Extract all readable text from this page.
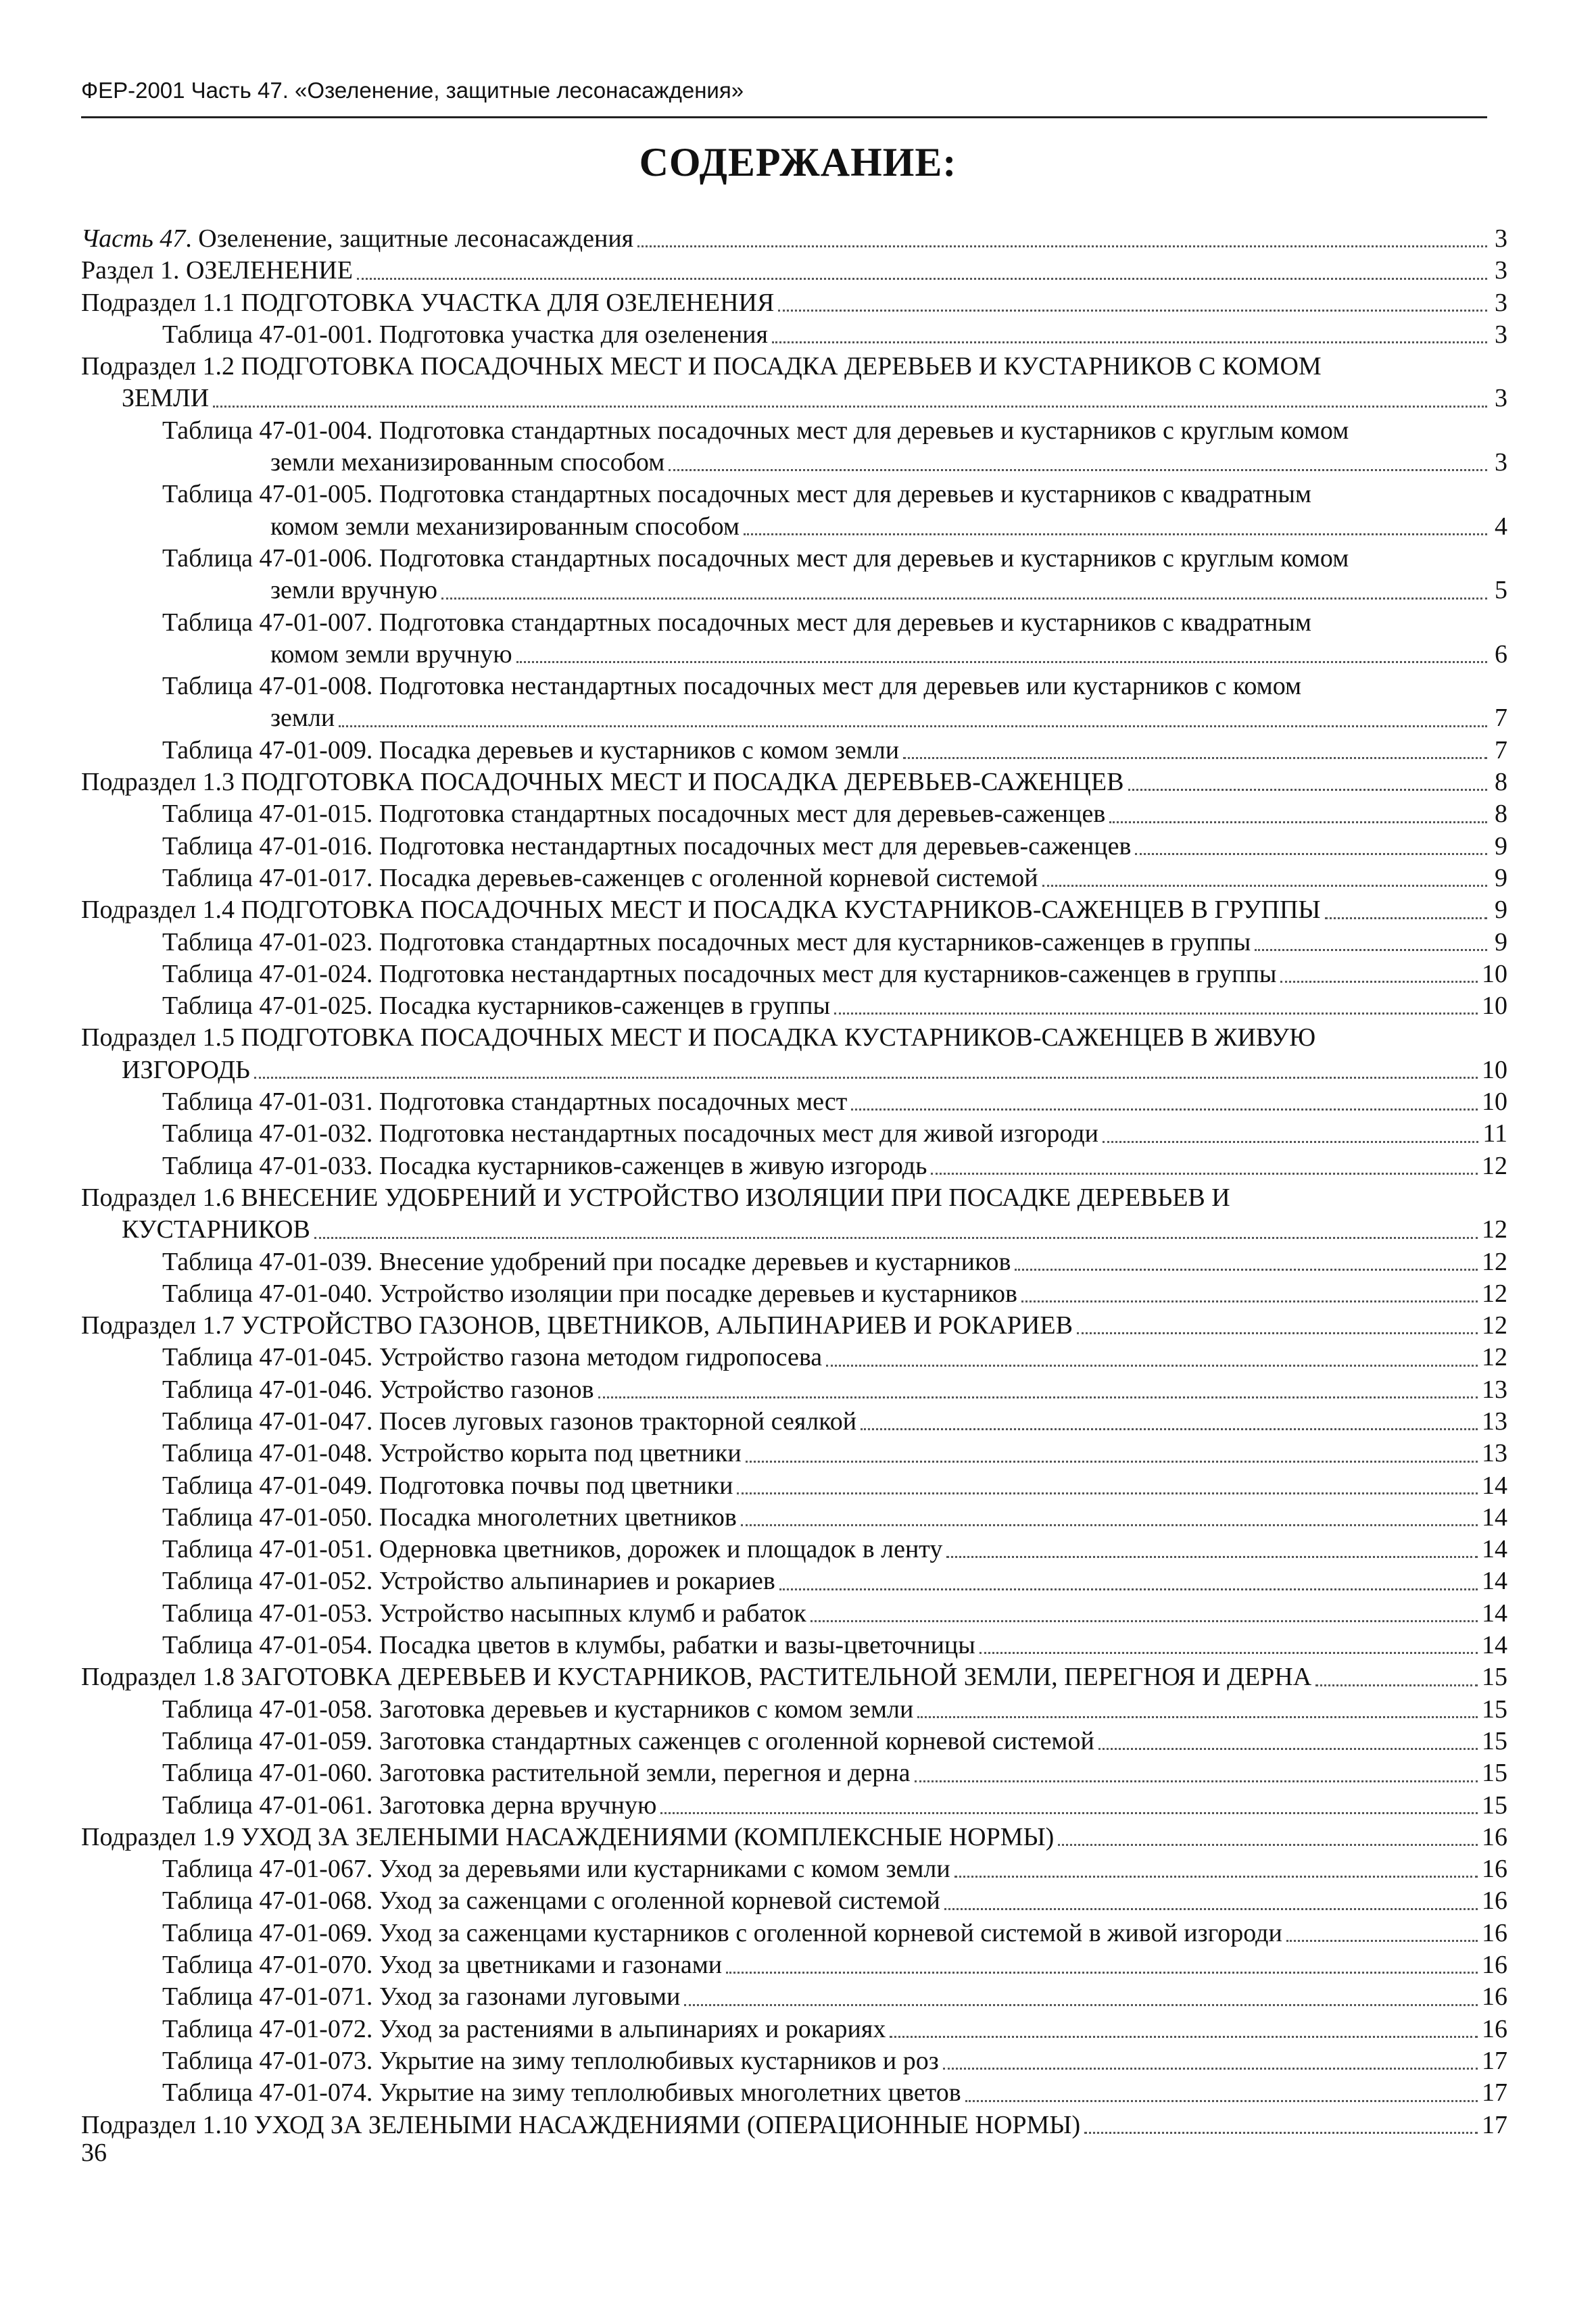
ФЕР-2001 Часть 47. «Озеленение, защитные лесонасаждения»
СОДЕРЖАНИЕ:
Часть 47. Озеленение, защитные лесонасаждения	3
Раздел 1. ОЗЕЛЕНЕНИЕ	3
Подраздел 1.1 ПОДГОТОВКА УЧАСТКА ДЛЯ ОЗЕЛЕНЕНИЯ	3
Таблица 47-01-001. Подготовка участка для озеленения	3
Подраздел 1.2 ПОДГОТОВКА ПОСАДОЧНЫХ МЕСТ И ПОСАДКА ДЕРЕВЬЕВ И КУСТАРНИКОВ С КОМОМ
ЗЕМЛИ	3
Таблица 47-01-004. Подготовка стандартных посадочных мест для деревьев и кустарников с круглым комом
земли механизированным способом	3
Таблица 47-01-005. Подготовка стандартных посадочных мест для деревьев и кустарников с квадратным
комом земли механизированным способом	4
Таблица 47-01-006. Подготовка стандартных посадочных мест для деревьев и кустарников с круглым комом
земли вручную	5
Таблица 47-01-007. Подготовка стандартных посадочных мест для деревьев и кустарников с квадратным
комом земли вручную	6
Таблица 47-01-008. Подготовка нестандартных посадочных мест для деревьев или кустарников с комом
земли	7
Таблица 47-01-009. Посадка деревьев и кустарников с комом земли	7
Подраздел 1.3 ПОДГОТОВКА ПОСАДОЧНЫХ МЕСТ И ПОСАДКА ДЕРЕВЬЕВ-САЖЕНЦЕВ	8
Таблица 47-01-015. Подготовка стандартных посадочных мест для деревьев-саженцев	8
Таблица 47-01-016. Подготовка нестандартных посадочных мест для деревьев-саженцев	9
Таблица 47-01-017. Посадка деревьев-саженцев с оголенной корневой системой	9
Подраздел 1.4 ПОДГОТОВКА ПОСАДОЧНЫХ МЕСТ И ПОСАДКА КУСТАРНИКОВ-САЖЕНЦЕВ В ГРУППЫ	9
Таблица 47-01-023. Подготовка стандартных посадочных мест для кустарников-саженцев в группы	9
Таблица 47-01-024. Подготовка нестандартных посадочных мест для кустарников-саженцев в группы	10
Таблица 47-01-025. Посадка кустарников-саженцев в группы	10
Подраздел 1.5 ПОДГОТОВКА ПОСАДОЧНЫХ МЕСТ И ПОСАДКА КУСТАРНИКОВ-САЖЕНЦЕВ В ЖИВУЮ
ИЗГОРОДЬ	10
Таблица 47-01-031. Подготовка стандартных посадочных мест	10
Таблица 47-01-032. Подготовка нестандартных посадочных мест для живой изгороди	11
Таблица 47-01-033. Посадка кустарников-саженцев в живую изгородь	12
Подраздел 1.6 ВНЕСЕНИЕ УДОБРЕНИЙ И УСТРОЙСТВО ИЗОЛЯЦИИ ПРИ ПОСАДКЕ ДЕРЕВЬЕВ И
КУСТАРНИКОВ	12
Таблица 47-01-039. Внесение удобрений при посадке деревьев и кустарников	12
Таблица 47-01-040. Устройство изоляции при посадке деревьев и кустарников	12
Подраздел 1.7 УСТРОЙСТВО ГАЗОНОВ, ЦВЕТНИКОВ, АЛЬПИНАРИЕВ И РОКАРИЕВ	12
Таблица 47-01-045. Устройство газона методом гидропосева	12
Таблица 47-01-046. Устройство газонов	13
Таблица 47-01-047. Посев луговых газонов тракторной сеялкой	13
Таблица 47-01-048. Устройство корыта под цветники	13
Таблица 47-01-049. Подготовка почвы под цветники	14
Таблица 47-01-050. Посадка многолетних цветников	14
Таблица 47-01-051. Одерновка цветников, дорожек и площадок в ленту	14
Таблица 47-01-052. Устройство альпинариев и рокариев	14
Таблица 47-01-053. Устройство насыпных клумб и рабаток	14
Таблица 47-01-054. Посадка цветов в клумбы, рабатки и вазы-цветочницы	14
Подраздел 1.8 ЗАГОТОВКА ДЕРЕВЬЕВ И КУСТАРНИКОВ, РАСТИТЕЛЬНОЙ ЗЕМЛИ, ПЕРЕГНОЯ И ДЕРНА	15
Таблица 47-01-058. Заготовка деревьев и кустарников с комом земли	15
Таблица 47-01-059. Заготовка стандартных саженцев с оголенной корневой системой	15
Таблица 47-01-060. Заготовка растительной земли, перегноя и дерна	15
Таблица 47-01-061. Заготовка дерна вручную	15
Подраздел 1.9 УХОД ЗА ЗЕЛЕНЫМИ НАСАЖДЕНИЯМИ (КОМПЛЕКСНЫЕ НОРМЫ)	16
Таблица 47-01-067. Уход за деревьями или кустарниками с комом земли	16
Таблица 47-01-068. Уход за саженцами с оголенной корневой системой	16
Таблица 47-01-069. Уход за саженцами кустарников с оголенной корневой системой в живой изгороди	16
Таблица 47-01-070. Уход за цветниками и газонами	16
Таблица 47-01-071. Уход за газонами луговыми	16
Таблица 47-01-072. Уход за растениями в альпинариях и рокариях	16
Таблица 47-01-073. Укрытие на зиму теплолюбивых кустарников и роз	17
Таблица 47-01-074. Укрытие на зиму теплолюбивых многолетних цветов	17
Подраздел 1.10 УХОД ЗА ЗЕЛЕНЫМИ НАСАЖДЕНИЯМИ (ОПЕРАЦИОННЫЕ НОРМЫ)	17
36
